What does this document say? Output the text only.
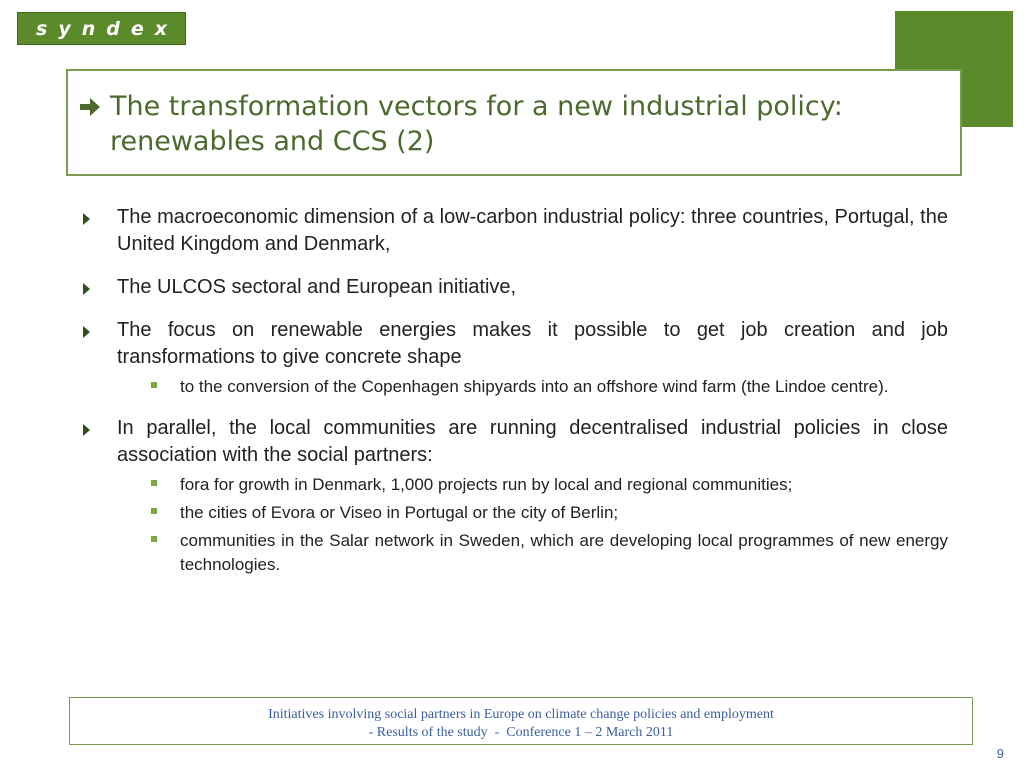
syndex
The transformation vectors for a new industrial policy:
renewables and CCS (2)
The macroeconomic dimension of a low-carbon industrial policy: three countries, Portugal, the United Kingdom and Denmark,
The ULCOS sectoral and European initiative,
The focus on renewable energies makes it possible to get job creation and job transformations to give concrete shape
to the conversion of the Copenhagen shipyards into an offshore wind farm (the Lindoe centre).
In parallel, the local communities are running decentralised industrial policies in close association with the social partners:
fora for growth in Denmark, 1,000 projects run by local and regional communities;
the cities of Evora or Viseo in Portugal or the city of Berlin;
communities in the Salar network in Sweden, which are developing local programmes of new energy technologies.
Initiatives involving social partners in Europe on climate change policies and employment
- Results of the study  -  Conference 1 – 2 March 2011
9
